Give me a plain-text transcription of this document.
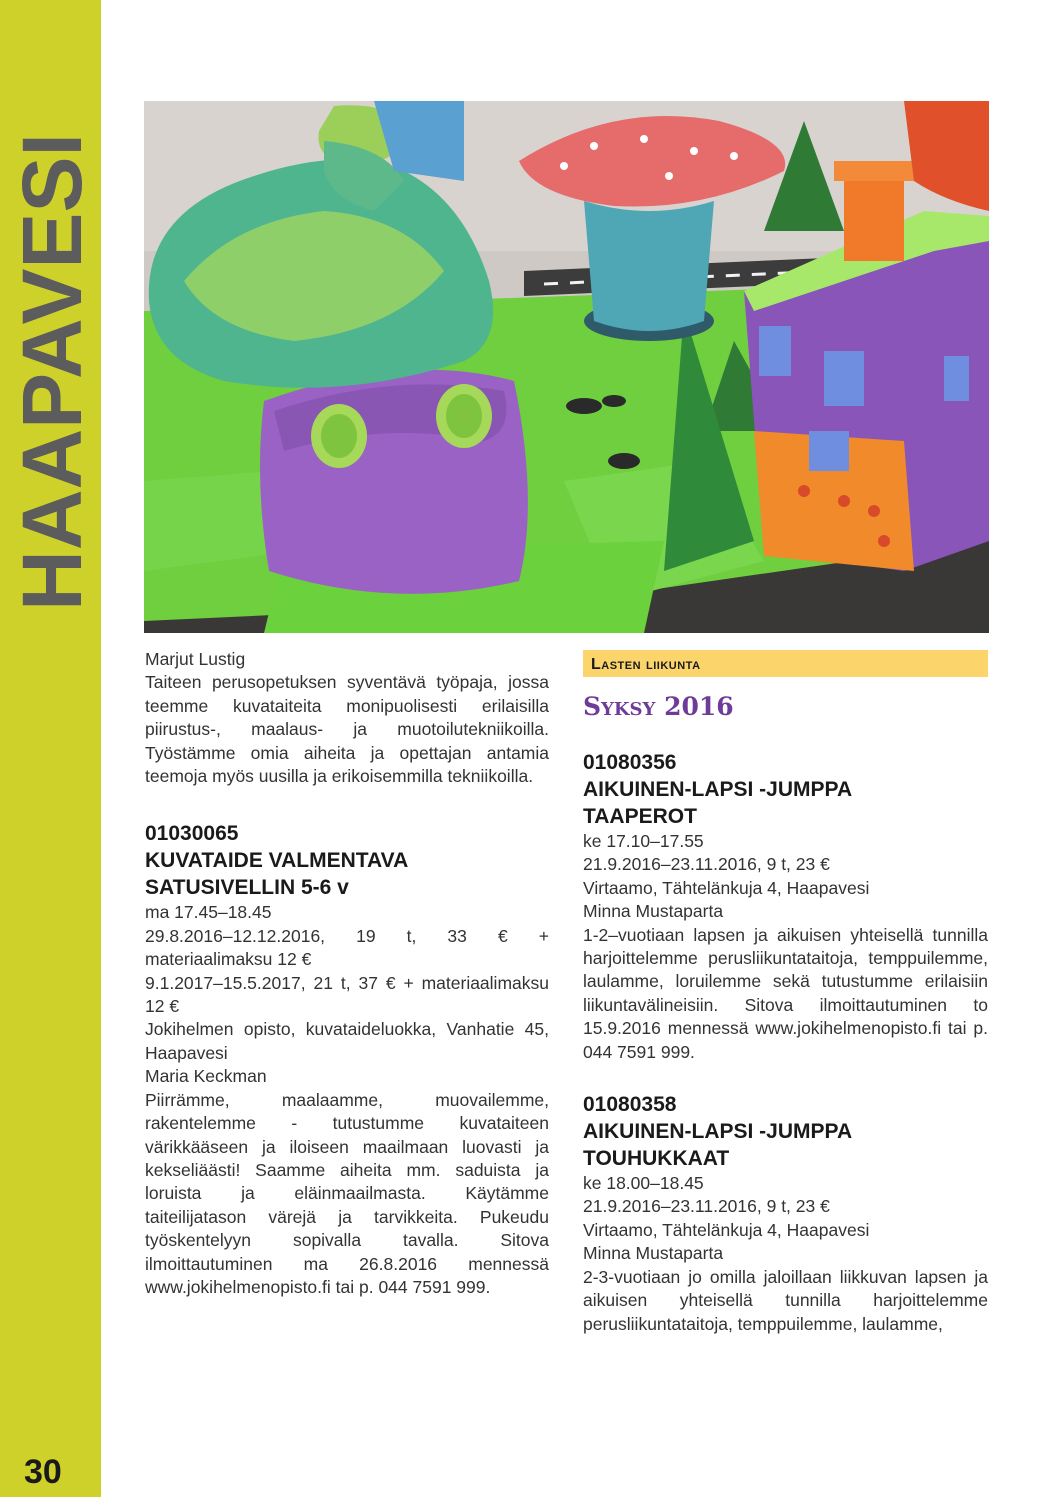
HAAPAVESI
30

Marjut Lustig

Taiteen perusopetuksen syventävä työpaja, jossa teemme kuvataiteita monipuolisesti erilaisilla piirustus-, maalaus- ja muotoilutekniikoilla. Työstämme omia aiheita ja opettajan antamia teemoja myös uusilla ja erikoisemmilla tekniikoilla.

01030065

KUVATAIDE VALMENTAVA

SATUSIVELLIN 5-6 v

ma 17.45–18.45

29.8.2016–12.12.2016, 19 t, 33 € + materiaalimaksu 12 €

9.1.2017–15.5.2017, 21 t, 37 € + materiaalimaksu 12 €

Jokihelmen opisto, kuvataideluokka, Vanhatie 45, Haapavesi

Maria Keckman

Piirrämme, maalaamme, muovailemme, rakentelemme - tutustumme kuvataiteen värikkääseen ja iloiseen maailmaan luovasti ja kekseliäästi! Saamme aiheita mm. saduista ja loruista ja eläinmaailmasta. Käytämme taiteilijatason värejä ja tarvikkeita. Pukeudu työskentelyyn sopivalla tavalla. Sitova ilmoittautuminen ma 26.8.2016 mennessä www.jokihelmenopisto.fi tai p. 044 7591 999.

Lasten liikunta
Syksy 2016

01080356

AIKUINEN-LAPSI -JUMPPA

TAAPEROT

ke 17.10–17.55

21.9.2016–23.11.2016, 9 t, 23 €

Virtaamo, Tähtelänkuja 4, Haapavesi

Minna Mustaparta

1-2–vuotiaan lapsen ja aikuisen yhteisellä tunnilla harjoittelemme perusliikuntataitoja, temppuilemme, laulamme, loruilemme sekä tutustumme erilaisiin liikuntavälineisiin. Sitova ilmoittautuminen to 15.9.2016 mennessä www.jokihelmenopisto.fi tai p. 044 7591 999.

01080358

AIKUINEN-LAPSI -JUMPPA

TOUHUKKAAT

ke 18.00–18.45

21.9.2016–23.11.2016, 9 t, 23 €

Virtaamo, Tähtelänkuja 4, Haapavesi

Minna Mustaparta

2-3-vuotiaan jo omilla jaloillaan liikkuvan lapsen ja aikuisen yhteisellä tunnilla harjoittelemme perusliikuntataitoja, temppuilemme, laulamme,
